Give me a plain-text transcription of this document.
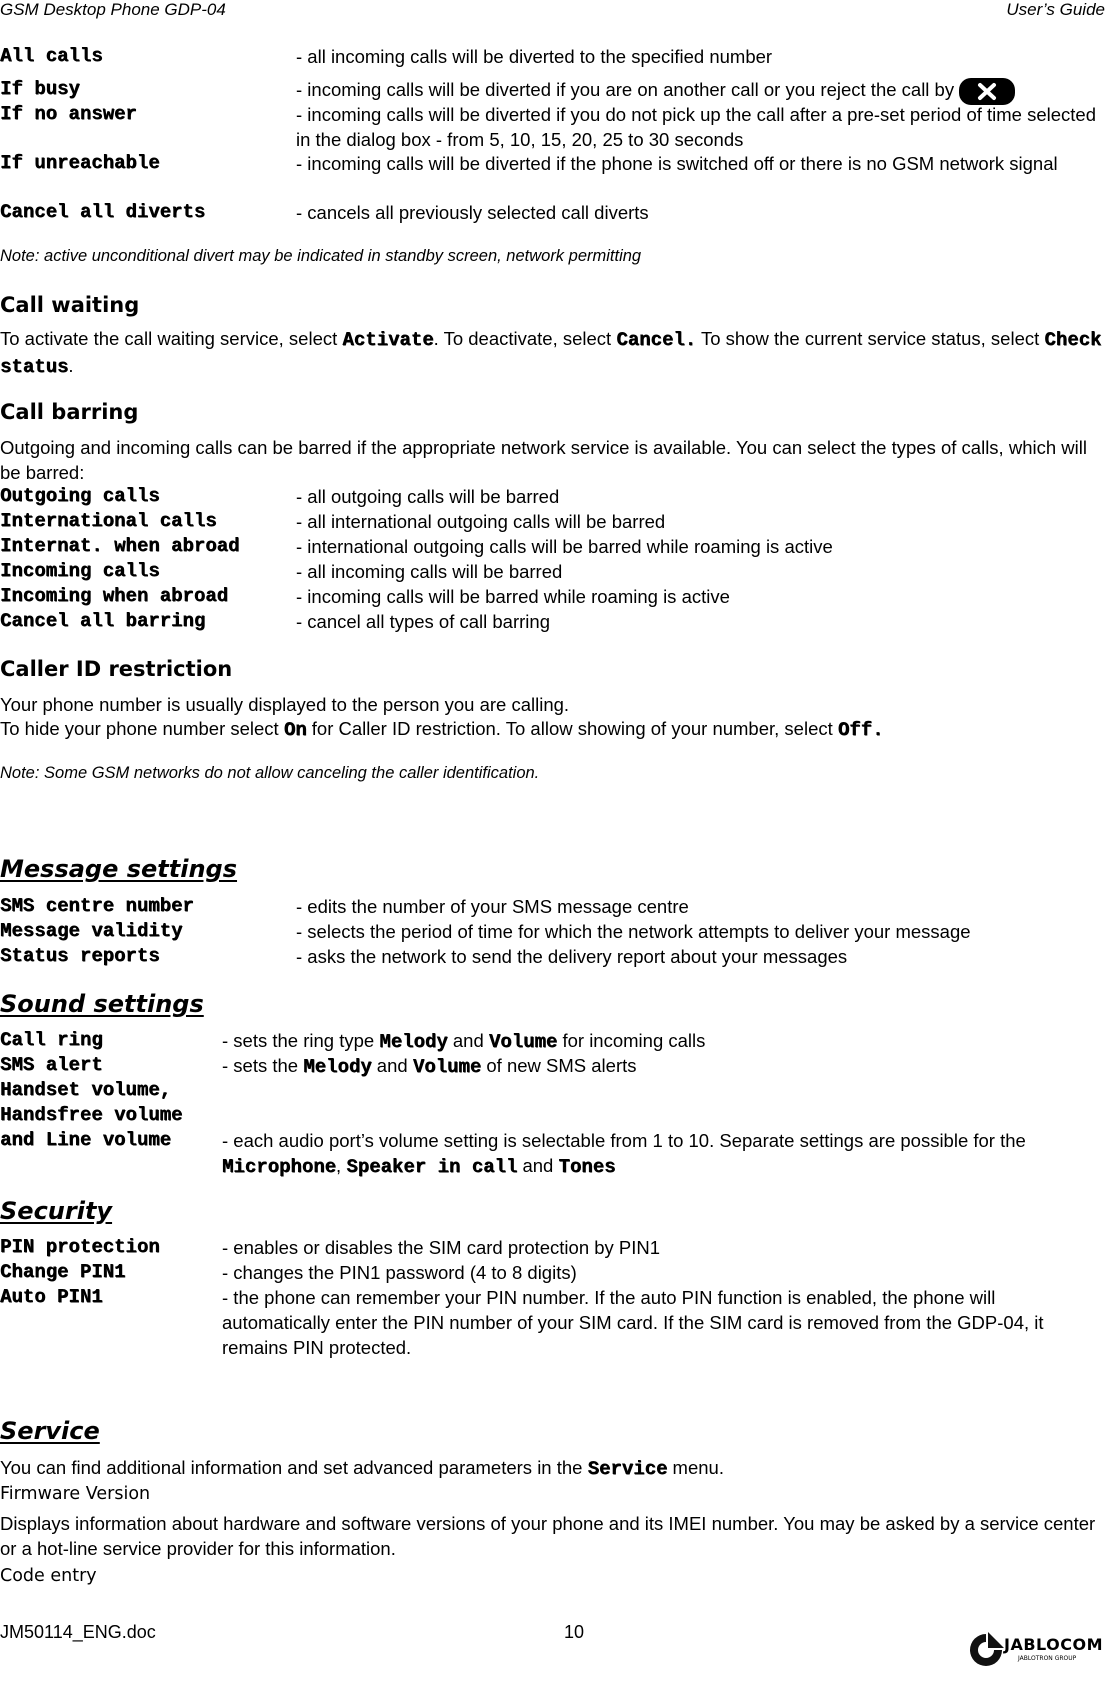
GSM Desktop Phone GDP-04	User’s Guide
All calls	- all incoming calls will be diverted to the specified number
If busy	- incoming calls will be diverted if you are on another call or you reject the call by
If no answer	- incoming calls will be diverted if you do not pick up the call after a pre-set period of time selected in the dialog box - from 5, 10, 15, 20, 25 to 30 seconds
If unreachable	- incoming calls will be diverted if the phone is switched off or there is no GSM network signal
Cancel all diverts	- cancels all previously selected call diverts
Note: active unconditional divert may be indicated in standby screen, network permitting
Call waiting
To activate the call waiting service, select Activate. To deactivate, select Cancel. To show the current service status, select Check status.
Call barring
Outgoing and incoming calls can be barred if the appropriate network service is available. You can select the types of calls, which will be barred:
Outgoing calls	- all outgoing calls will be barred
International calls	- all international outgoing calls will be barred
Internat. when abroad	- international outgoing calls will be barred while roaming is active
Incoming calls	- all incoming calls will be barred
Incoming when abroad	- incoming calls will be barred while roaming is active
Cancel all barring	- cancel all types of call barring
Caller ID restriction
Your phone number is usually displayed to the person you are calling.
To hide your phone number select On for Caller ID restriction. To allow showing of your number, select Off.
Note: Some GSM networks do not allow canceling the caller identification.
Message settings
SMS centre number	- edits the number of your SMS message centre
Message validity	- selects the period of time for which the network attempts to deliver your message
Status reports	- asks the network to send the delivery report about your messages
Sound settings
Call ring	- sets the ring type Melody and Volume for incoming calls
SMS alert	- sets the Melody and Volume of new SMS alerts
Handset volume,
Handsfree volume
and Line volume	- each audio port’s volume setting is selectable from 1 to 10. Separate settings are possible for the Microphone, Speaker in call and Tones
Security
PIN protection	- enables or disables the SIM card protection by PIN1
Change PIN1	- changes the PIN1 password (4 to 8 digits)
Auto PIN1	- the phone can remember your PIN number. If the auto PIN function is enabled, the phone will automatically enter the PIN number of your SIM card. If the SIM card is removed from the GDP-04, it remains PIN protected.
Service
You can find additional information and set advanced parameters in the Service menu.
Firmware Version
Displays information about hardware and software versions of your phone and its IMEI number. You may be asked by a service center or a hot-line service provider for this information.
Code entry
JM50114_ENG.doc	10
JABLOCOM
JABLOTRON GROUP
